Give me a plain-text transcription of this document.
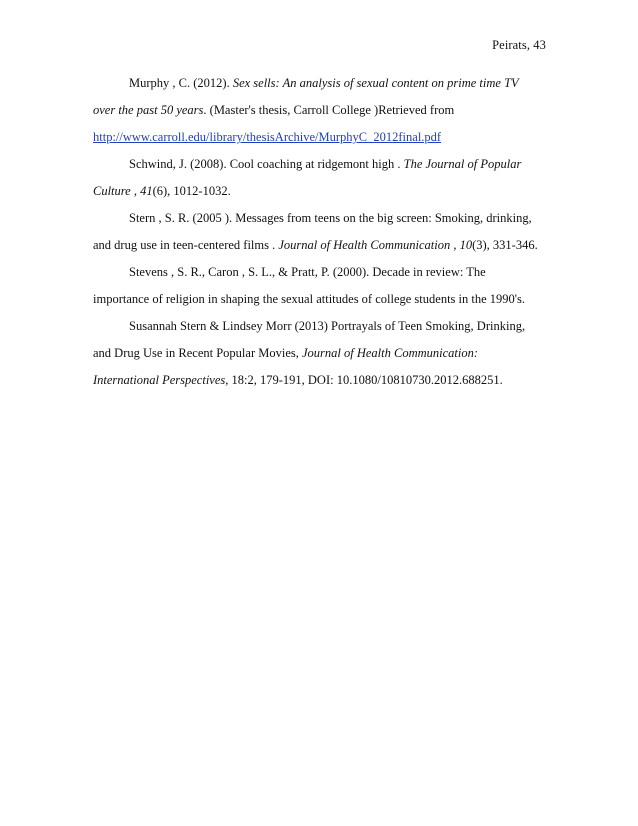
Peirats, 43
Murphy , C. (2012). Sex sells: An analysis of sexual content on prime time TV
over the past 50 years. (Master's thesis, Carroll College )Retrieved from
http://www.carroll.edu/library/thesisArchive/MurphyC_2012final.pdf
Schwind, J. (2008). Cool coaching at ridgemont high . The Journal of Popular
Culture , 41(6), 1012-1032.
Stern , S. R. (2005 ). Messages from teens on the big screen: Smoking, drinking,
and drug use in teen-centered films . Journal of Health Communication , 10(3), 331-346.
Stevens , S. R., Caron , S. L., & Pratt, P. (2000). Decade in review: The
importance of religion in shaping the sexual attitudes of college students in the 1990's.
Susannah Stern & Lindsey Morr (2013) Portrayals of Teen Smoking, Drinking,
and Drug Use in Recent Popular Movies, Journal of Health Communication:
International Perspectives, 18:2, 179-191, DOI: 10.1080/10810730.2012.688251.
